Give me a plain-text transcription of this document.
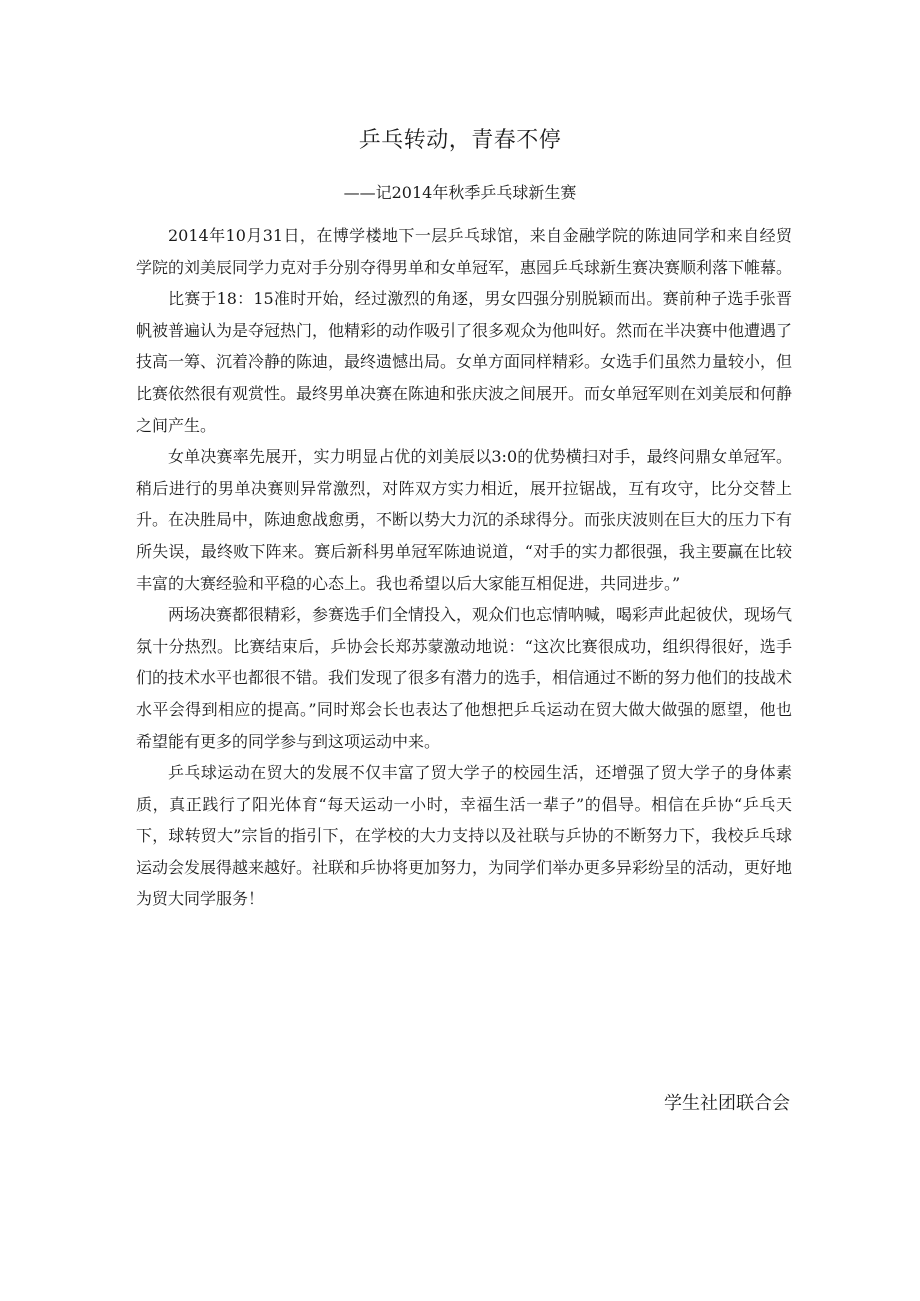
乒乓转动，青春不停
——记2014年秋季乒乓球新生赛

2014年10月31日，在博学楼地下一层乒乓球馆，来自金融学院的陈迪同学和来自经贸学院的刘美辰同学力克对手分别夺得男单和女单冠军，惠园乒乓球新生赛决赛顺利落下帷幕。

比赛于18：15准时开始，经过激烈的角逐，男女四强分别脱颖而出。赛前种子选手张晋帆被普遍认为是夺冠热门，他精彩的动作吸引了很多观众为他叫好。然而在半决赛中他遭遇了技高一筹、沉着冷静的陈迪，最终遗憾出局。女单方面同样精彩。女选手们虽然力量较小，但比赛依然很有观赏性。最终男单决赛在陈迪和张庆波之间展开。而女单冠军则在刘美辰和何静之间产生。

女单决赛率先展开，实力明显占优的刘美辰以3:0的优势横扫对手，最终问鼎女单冠军。稍后进行的男单决赛则异常激烈，对阵双方实力相近，展开拉锯战，互有攻守，比分交替上升。在决胜局中，陈迪愈战愈勇，不断以势大力沉的杀球得分。而张庆波则在巨大的压力下有所失误，最终败下阵来。赛后新科男单冠军陈迪说道，“对手的实力都很强，我主要赢在比较丰富的大赛经验和平稳的心态上。我也希望以后大家能互相促进，共同进步。”

两场决赛都很精彩，参赛选手们全情投入，观众们也忘情呐喊，喝彩声此起彼伏，现场气氛十分热烈。比赛结束后，乒协会长郑苏蒙激动地说：“这次比赛很成功，组织得很好，选手们的技术水平也都很不错。我们发现了很多有潜力的选手，相信通过不断的努力他们的技战术水平会得到相应的提高。”同时郑会长也表达了他想把乒乓运动在贸大做大做强的愿望，他也希望能有更多的同学参与到这项运动中来。

乒乓球运动在贸大的发展不仅丰富了贸大学子的校园生活，还增强了贸大学子的身体素质，真正践行了阳光体育“每天运动一小时，幸福生活一辈子”的倡导。相信在乒协“乒乓天下，球转贸大”宗旨的指引下，在学校的大力支持以及社联与乒协的不断努力下，我校乒乓球运动会发展得越来越好。社联和乒协将更加努力，为同学们举办更多异彩纷呈的活动，更好地为贸大同学服务！

学生社团联合会
